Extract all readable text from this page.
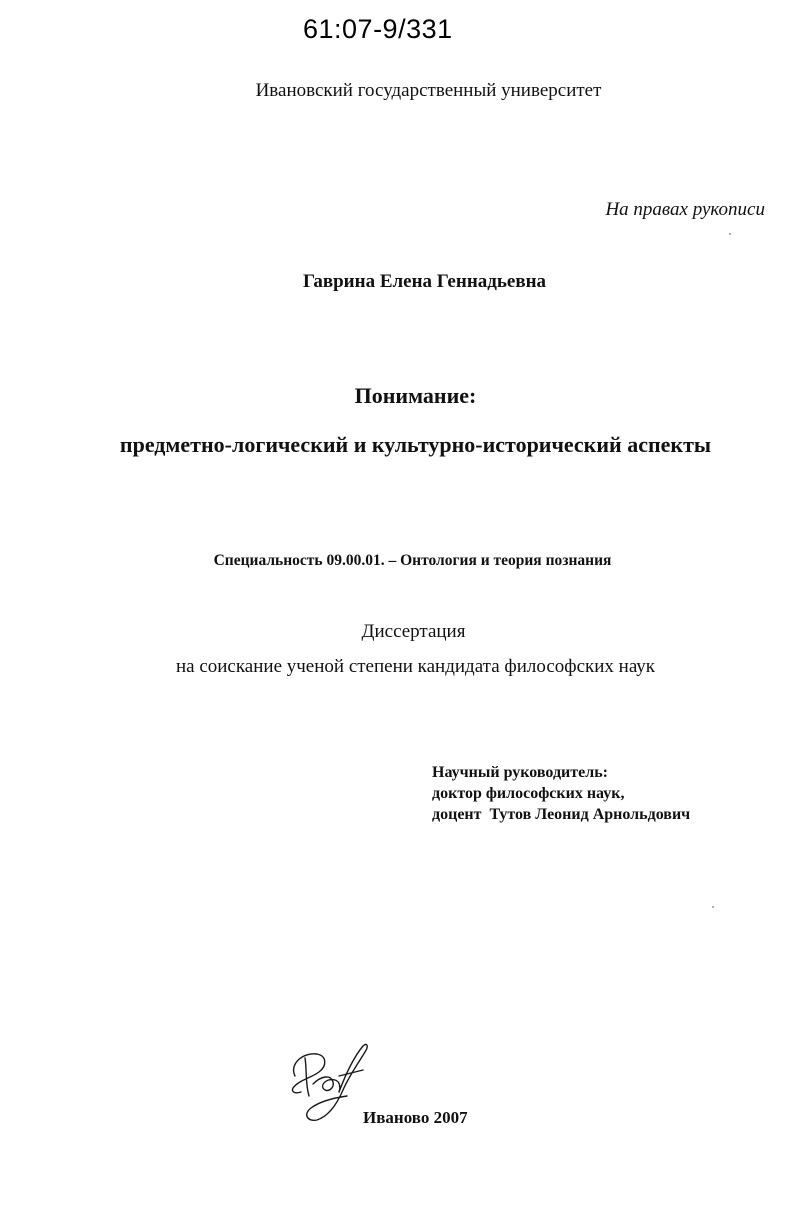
61:07-9/331
Ивановский государственный университет
На правах рукописи
Гаврина Елена Геннадьевна
Понимание:
предметно-логический и культурно-исторический аспекты
Специальность 09.00.01. – Онтология и теория познания
Диссертация
на соискание ученой степени кандидата философских наук
Научный руководитель:
доктор философских наук,
доцент  Тутов Леонид Арнольдович
Иваново 2007
